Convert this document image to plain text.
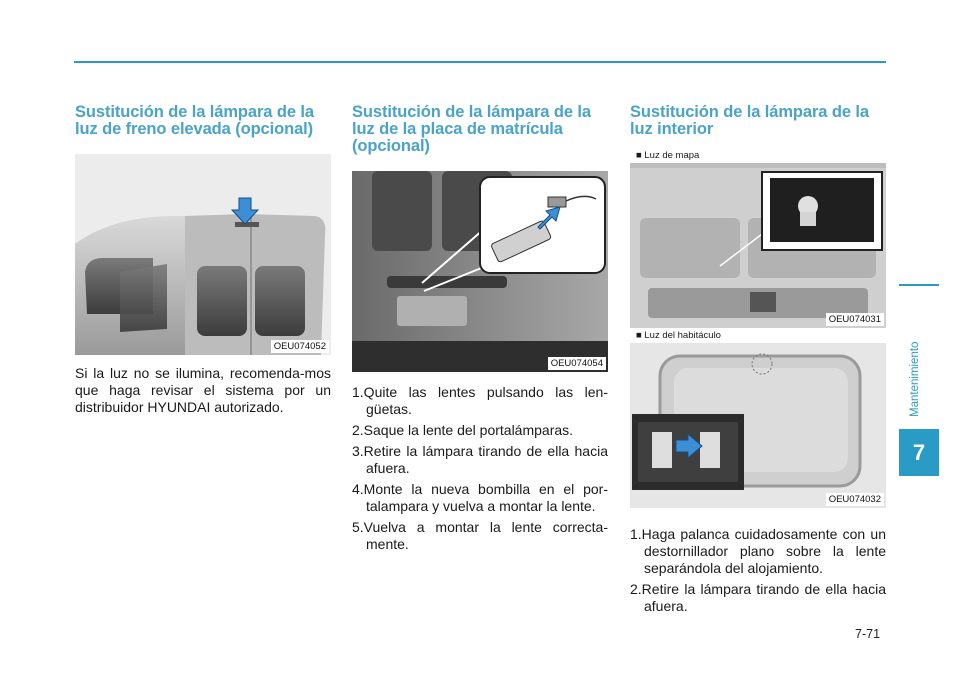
Sustitución de la lámpara de la luz de freno elevada (opcional)
OEU074052

Si la luz no se ilumina, recomenda-mos que haga revisar el sistema por un distribuidor HYUNDAI autorizado.

Sustitución de la lámpara de la luz de la placa de matrícula (opcional)
OEU074054
1.Quite las lentes pulsando las len-güetas.
2.Saque la lente del portalámparas.
3.Retire la lámpara tirando de ella hacia afuera.
4.Monte la nueva bombilla en el por-talampara y vuelva a montar la lente.
5.Vuelva a montar la lente correcta-mente.
Sustitución de la lámpara de la luz interior
■ Luz de mapa
OEU074031
■ Luz del habitáculo
OEU074032
1.Haga palanca cuidadosamente con un destornillador plano sobre la lente separándola del alojamiento.
2.Retire la lámpara tirando de ella hacia afuera.
Mantenimiento
7
7-71
